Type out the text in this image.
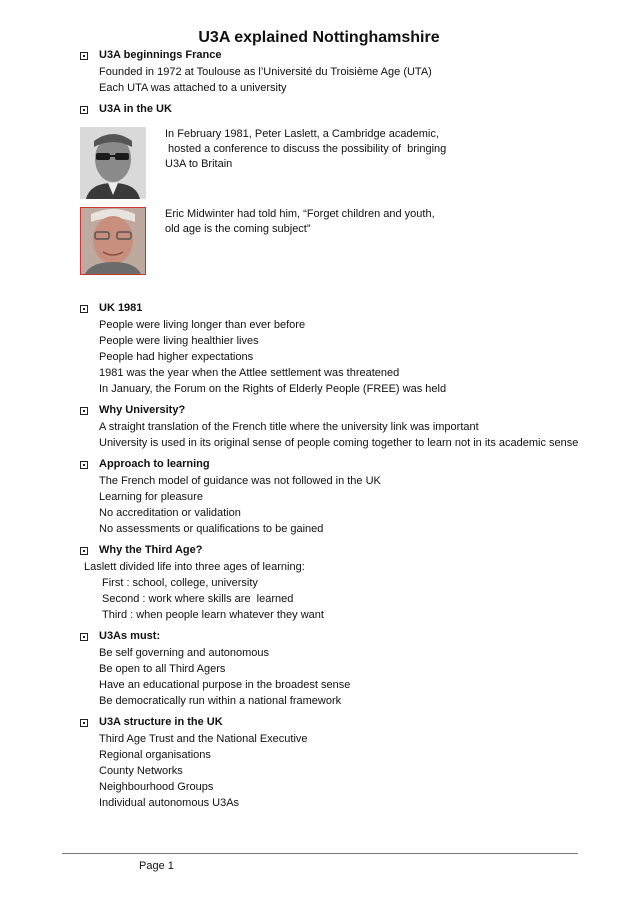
U3A explained Nottinghamshire
U3A beginnings France
Founded in 1972 at Toulouse as l’Université du Troisième Age (UTA)
Each UTA was attached to a university
U3A in the UK
In February 1981, Peter Laslett, a Cambridge academic,
hosted a conference to discuss the possibility of  bringing
U3A to Britain
Eric Midwinter had told him, “Forget children and youth,
old age is the coming subject”
UK 1981
People were living longer than ever before
People were living healthier lives
People had higher expectations
1981 was the year when the Attlee settlement was threatened
In January, the Forum on the Rights of Elderly People (FREE) was held
Why University?
A straight translation of the French title where the university link was important
University is used in its original sense of people coming together to learn not in its academic sense
Approach to learning
The French model of guidance was not followed in the UK
Learning for pleasure
No accreditation or validation
No assessments or qualifications to be gained
Why the Third Age?
Laslett divided life into three ages of learning:
First : school, college, university
Second : work where skills are  learned
Third : when people learn whatever they want
U3As must:
Be self governing and autonomous
Be open to all Third Agers
Have an educational purpose in the broadest sense
Be democratically run within a national framework
U3A structure in the UK
Third Age Trust and the National Executive
Regional organisations
County Networks
Neighbourhood Groups
Individual autonomous U3As
Page 1
